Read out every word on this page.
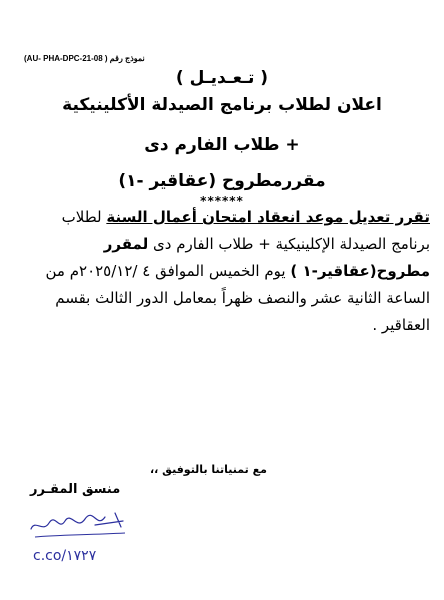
(AU- PHA-DPC-21-08 ) نموذج رقم
( تـعـديـل )
اعلان لطلاب برنامج الصيدلة الأكلينيكية
+ طلاب الفارم دى
مقررمطروح (عقاقير -١)
******
تقرر تعديل موعد انعقاد امتحان أعمال السنة لطلاب برنامج الصيدلة الإكلينيكية + طلاب الفارم دى لمقرر مطروح(عقاقير-١ ) يوم الخميس الموافق ٤ /٢٠٢٥/١٢م من الساعة الثانية عشر والنصف ظهراً بمعامل الدور الثالث بقسم العقاقير .
مع تمنياتنا بالتوفيق ،،
منسق المقـرر
c.co/١٧٢٧
